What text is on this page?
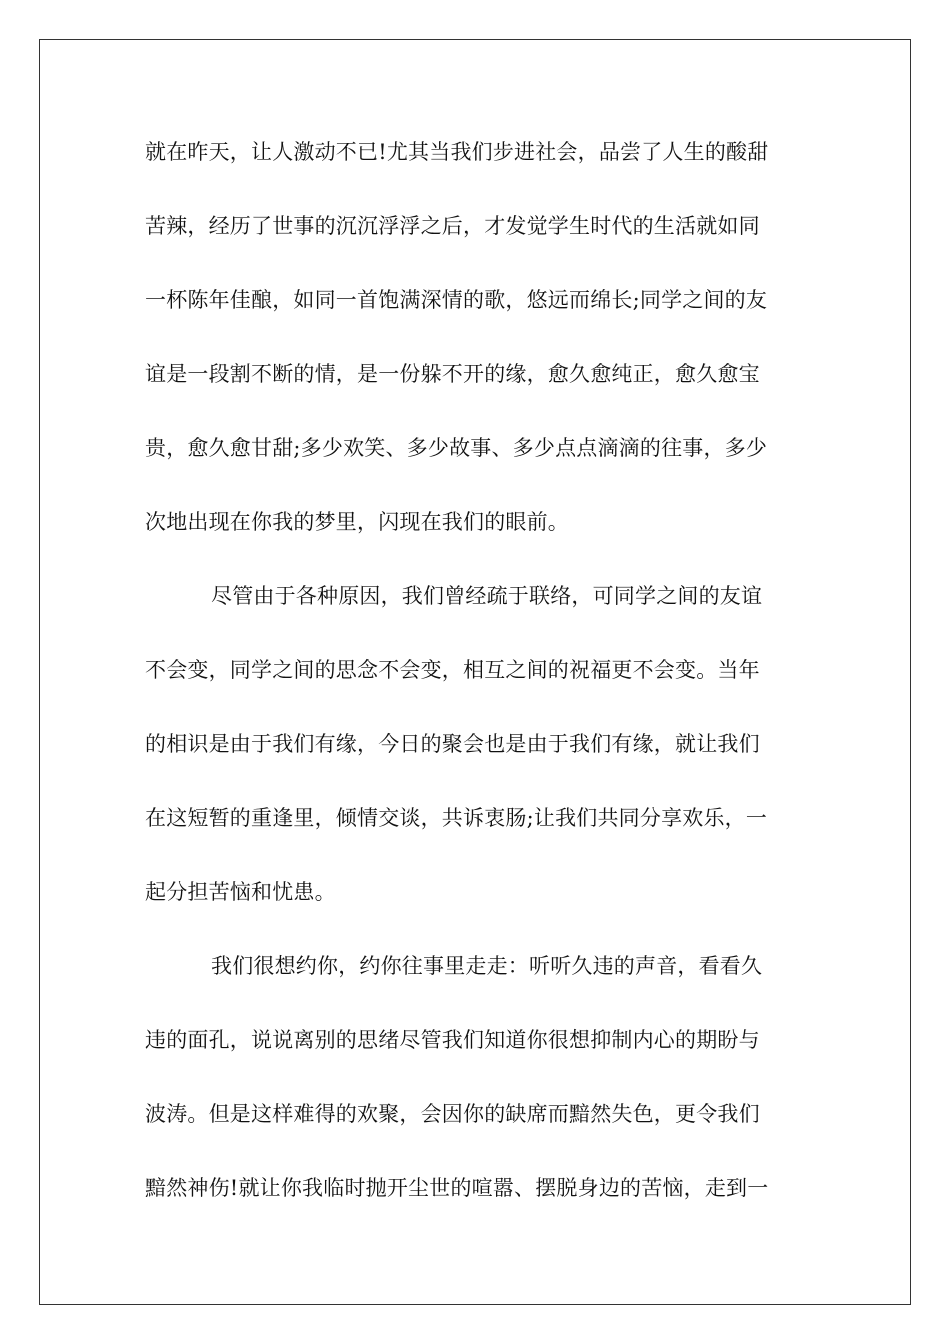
就在昨天，让人激动不已!尤其当我们步进社会，品尝了人生的酸甜
苦辣，经历了世事的沉沉浮浮之后，才发觉学生时代的生活就如同
一杯陈年佳酿，如同一首饱满深情的歌，悠远而绵长;同学之间的友
谊是一段割不断的情，是一份躲不开的缘，愈久愈纯正，愈久愈宝
贵，愈久愈甘甜;多少欢笑、多少故事、多少点点滴滴的往事，多少
次地出现在你我的梦里，闪现在我们的眼前。
尽管由于各种原因，我们曾经疏于联络，可同学之间的友谊
不会变，同学之间的思念不会变，相互之间的祝福更不会变。当年
的相识是由于我们有缘，今日的聚会也是由于我们有缘，就让我们
在这短暂的重逢里，倾情交谈，共诉衷肠;让我们共同分享欢乐，一
起分担苦恼和忧患。
我们很想约你，约你往事里走走：听听久违的声音，看看久
违的面孔，说说离别的思绪尽管我们知道你很想抑制内心的期盼与
波涛。但是这样难得的欢聚，会因你的缺席而黯然失色，更令我们
黯然神伤!就让你我临时抛开尘世的喧嚣、摆脱身边的苦恼，走到一
